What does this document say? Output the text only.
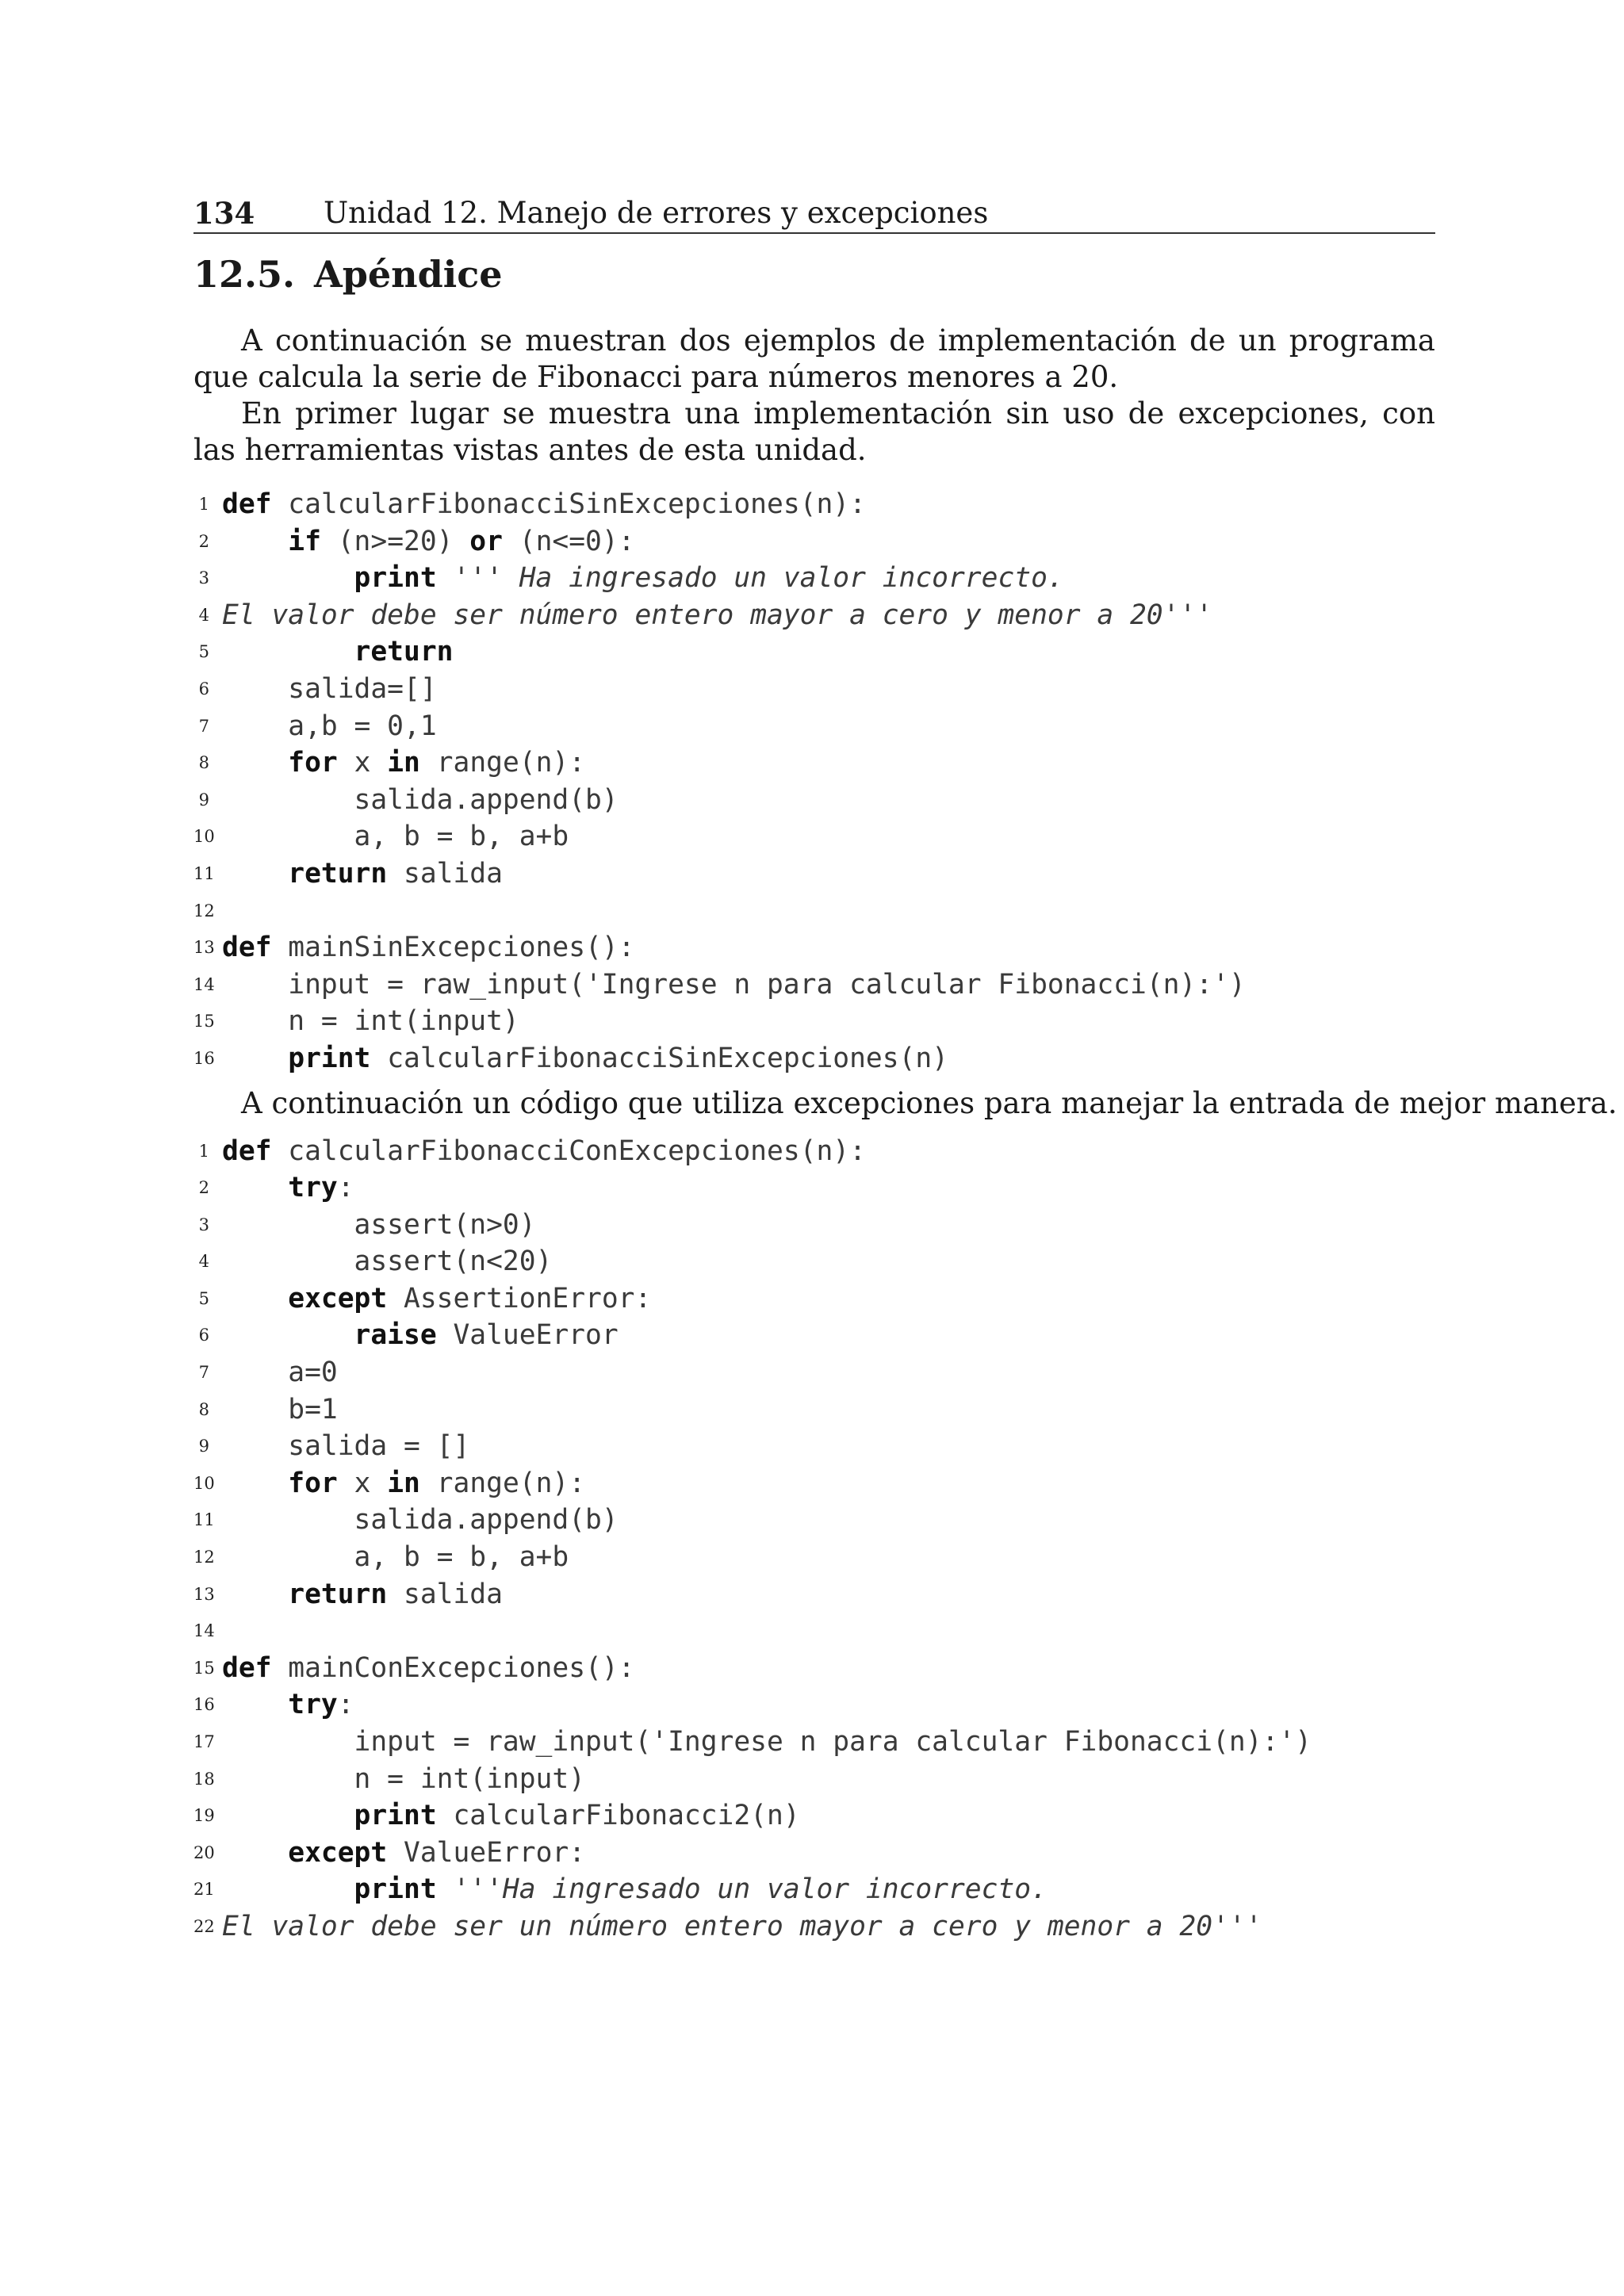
134 Unidad 12. Manejo de errores y excepciones
12.5. Apéndice

A continuación se muestran dos ejemplos de implementación de un programa que calcula la serie de Fibonacci para números menores a 20.

En primer lugar se muestra una implementación sin uso de excepciones, con las herramientas vistas antes de esta unidad.

1 def calcularFibonacciSinExcepciones(n):
2	if (n>=20) or (n<=0):
3	print ''' Ha ingresado un valor incorrecto.
4 El valor debe ser número entero mayor a cero y menor a 20'''
5	return
6 salida=[]
7 a,b = 0,1
8	for x in range(n):
9 salida.append(b)
10 a, b = b, a+b
11	return salida
12
13 def mainSinExcepciones():
14 input = raw_input('Ingrese n para calcular Fibonacci(n):')
15 n = int(input)
16	print calcularFibonacciSinExcepciones(n)
A continuación un código que utiliza excepciones para manejar la entrada de mejor manera.
1 def calcularFibonacciConExcepciones(n):
2	try:
3 assert(n>0)
4 assert(n<20)
5	except AssertionError:
6	raise ValueError
7 a=0
8 b=1
9 salida = []
10	for x in range(n):
11 salida.append(b)
12 a, b = b, a+b
13	return salida
14
15 def mainConExcepciones():
16	try:
17 input = raw_input('Ingrese n para calcular Fibonacci(n):')
18 n = int(input)
19	print calcularFibonacci2(n)
20	except ValueError:
21	print '''Ha ingresado un valor incorrecto.
22 El valor debe ser un número entero mayor a cero y menor a 20'''
